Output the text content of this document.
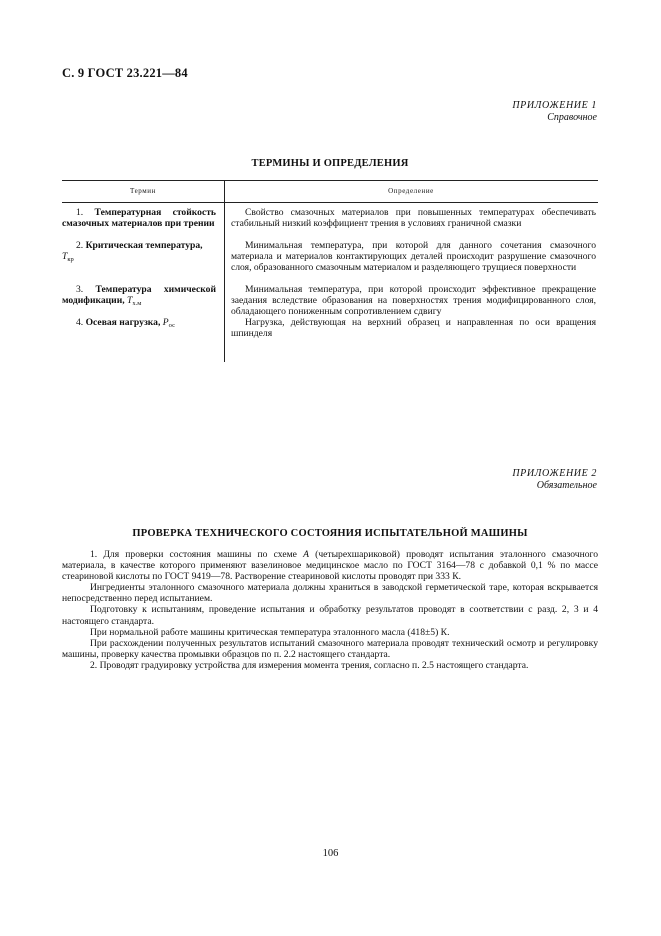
С. 9 ГОСТ 23.221—84
ПРИЛОЖЕНИЕ 1
Справочное
ТЕРМИНЫ И ОПРЕДЕЛЕНИЯ
Термин	Определение

1. Температурная стойкость смазочных материалов при трении

2. Критическая температура,
$T_{кр}$

3. Температура химической модификации, $T_{х.м}$

4. Осевая нагрузка, $P_{ос}$

Свойство смазочных материалов при повышенных температурах обеспечивать стабильный низкий коэффициент трения в условиях граничной смазки

Минимальная температура, при которой для данного сочетания смазочного материала и материалов контактирующих деталей происходит разрушение смазочного слоя, образованного смазочным материалом и разделяющего трущиеся поверхности

Минимальная температура, при которой происходит эффективное прекращение заедания вследствие образования на поверхностях трения модифицированного слоя, обладающего пониженным сопротивлением сдвигу

Нагрузка, действующая на верхний образец и направленная по оси вращения шпинделя

ПРИЛОЖЕНИЕ 2
Обязательное
ПРОВЕРКА ТЕХНИЧЕСКОГО СОСТОЯНИЯ ИСПЫТАТЕЛЬНОЙ МАШИНЫ

1. Для проверки состояния машины по схеме А (четырехшариковой) проводят испытания эталонного смазочного материала, в качестве которого применяют вазелиновое медицинское масло по ГОСТ 3164—78 с добавкой 0,1 % по массе стеариновой кислоты по ГОСТ 9419—78. Растворение стеариновой кислоты проводят при 333 К.

Ингредиенты эталонного смазочного материала должны храниться в заводской герметической таре, которая вскрывается непосредственно перед испытанием.

Подготовку к испытаниям, проведение испытания и обработку результатов проводят в соответствии с разд. 2, 3 и 4 настоящего стандарта.

При нормальной работе машины критическая температура эталонного масла (418±5) К.

При расхождении полученных результатов испытаний смазочного материала проводят технический осмотр и регулировку машины, проверку качества промывки образцов по п. 2.2 настоящего стандарта.

2. Проводят градуировку устройства для измерения момента трения, согласно п. 2.5 настоящего стандарта.

106
